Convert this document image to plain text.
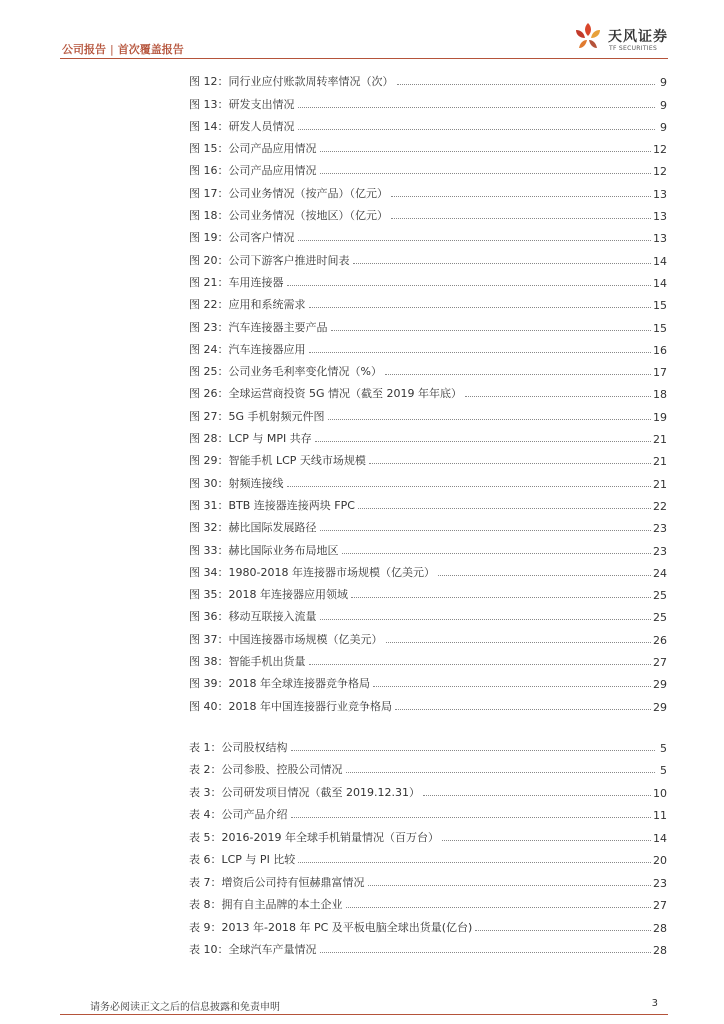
公司报告 | 首次覆盖报告
天风证券
TF SECURITIES
图 12：同行业应付账款周转率情况（次）	9
图 13：研发支出情况	9
图 14：研发人员情况	9
图 15：公司产品应用情况	12
图 16：公司产品应用情况	12
图 17：公司业务情况（按产品）（亿元）	13
图 18：公司业务情况（按地区）（亿元）	13
图 19：公司客户情况	13
图 20：公司下游客户推进时间表	14
图 21：车用连接器	14
图 22：应用和系统需求	15
图 23：汽车连接器主要产品	15
图 24：汽车连接器应用	16
图 25：公司业务毛利率变化情况（%）	17
图 26：全球运营商投资 5G 情况（截至 2019 年年底）	18
图 27：5G 手机射频元件图	19
图 28：LCP 与 MPI 共存	21
图 29：智能手机 LCP 天线市场规模	21
图 30：射频连接线	21
图 31：BTB 连接器连接两块 FPC	22
图 32：赫比国际发展路径	23
图 33：赫比国际业务布局地区	23
图 34：1980-2018 年连接器市场规模（亿美元）	24
图 35：2018 年连接器应用领域	25
图 36：移动互联接入流量	25
图 37：中国连接器市场规模（亿美元）	26
图 38：智能手机出货量	27
图 39：2018 年全球连接器竞争格局	29
图 40：2018 年中国连接器行业竞争格局	29
表 1：公司股权结构	5
表 2：公司参股、控股公司情况	5
表 3：公司研发项目情况（截至 2019.12.31）	10
表 4：公司产品介绍	11
表 5：2016-2019 年全球手机销量情况（百万台）	14
表 6：LCP 与 PI 比较	20
表 7：增资后公司持有恒赫鼎富情况	23
表 8：拥有自主品牌的本土企业	27
表 9：2013 年-2018 年 PC 及平板电脑全球出货量(亿台)	28
表 10：全球汽车产量情况	28
请务必阅读正文之后的信息披露和免责申明	3
